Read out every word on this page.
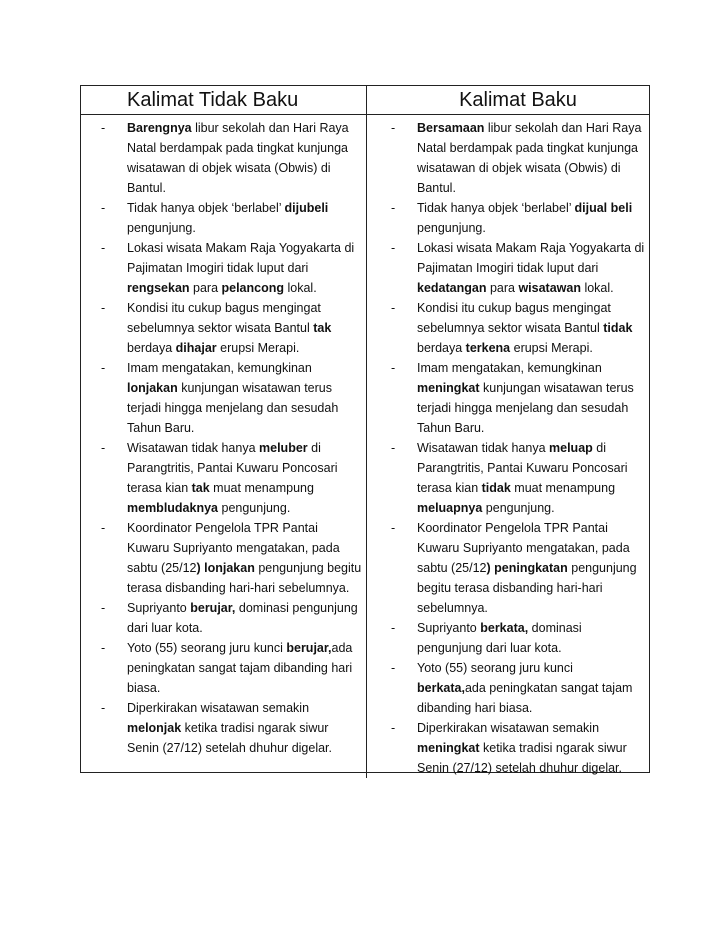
Kalimat Tidak Baku	Kalimat Baku
- Barengnya libur sekolah dan Hari Raya Natal berdampak pada tingkat kunjunga wisatawan di objek wisata (Obwis) di Bantul.
- Tidak hanya objek ‘berlabel’ dijubeli pengunjung.
- Lokasi wisata Makam Raja Yogyakarta di Pajimatan Imogiri tidak luput dari rengsekan para pelancong lokal.
- Kondisi itu cukup bagus mengingat sebelumnya sektor wisata Bantul tak berdaya dihajar erupsi Merapi.
- Imam mengatakan, kemungkinan lonjakan kunjungan wisatawan terus terjadi hingga menjelang dan sesudah Tahun Baru.
- Wisatawan tidak hanya meluber di Parangtritis, Pantai Kuwaru Poncosari terasa kian tak muat menampung membludaknya pengunjung.
- Koordinator Pengelola TPR Pantai Kuwaru Supriyanto mengatakan, pada sabtu (25/12) lonjakan pengunjung begitu terasa disbanding hari-hari sebelumnya.
- Supriyanto berujar, dominasi pengunjung dari luar kota.
- Yoto (55) seorang juru kunci berujar,ada peningkatan sangat tajam dibanding hari biasa.
- Diperkirakan wisatawan semakin melonjak ketika tradisi ngarak siwur Senin (27/12) setelah dhuhur digelar.
- Bersamaan libur sekolah dan Hari Raya Natal berdampak pada tingkat kunjunga wisatawan di objek wisata (Obwis) di Bantul.
- Tidak hanya objek ‘berlabel’ dijual beli pengunjung.
- Lokasi wisata Makam Raja Yogyakarta di Pajimatan Imogiri tidak luput dari kedatangan para wisatawan lokal.
- Kondisi itu cukup bagus mengingat sebelumnya sektor wisata Bantul tidak berdaya terkena erupsi Merapi.
- Imam mengatakan, kemungkinan meningkat kunjungan wisatawan terus terjadi hingga menjelang dan sesudah Tahun Baru.
- Wisatawan tidak hanya meluap di Parangtritis, Pantai Kuwaru Poncosari terasa kian tidak muat menampung meluapnya pengunjung.
- Koordinator Pengelola TPR Pantai Kuwaru Supriyanto mengatakan, pada sabtu (25/12) peningkatan pengunjung begitu terasa disbanding hari-hari sebelumnya.
- Supriyanto berkata, dominasi pengunjung dari luar kota.
- Yoto (55) seorang juru kunci berkata,ada peningkatan sangat tajam dibanding hari biasa.
- Diperkirakan wisatawan semakin meningkat ketika tradisi ngarak siwur Senin (27/12) setelah dhuhur digelar.
